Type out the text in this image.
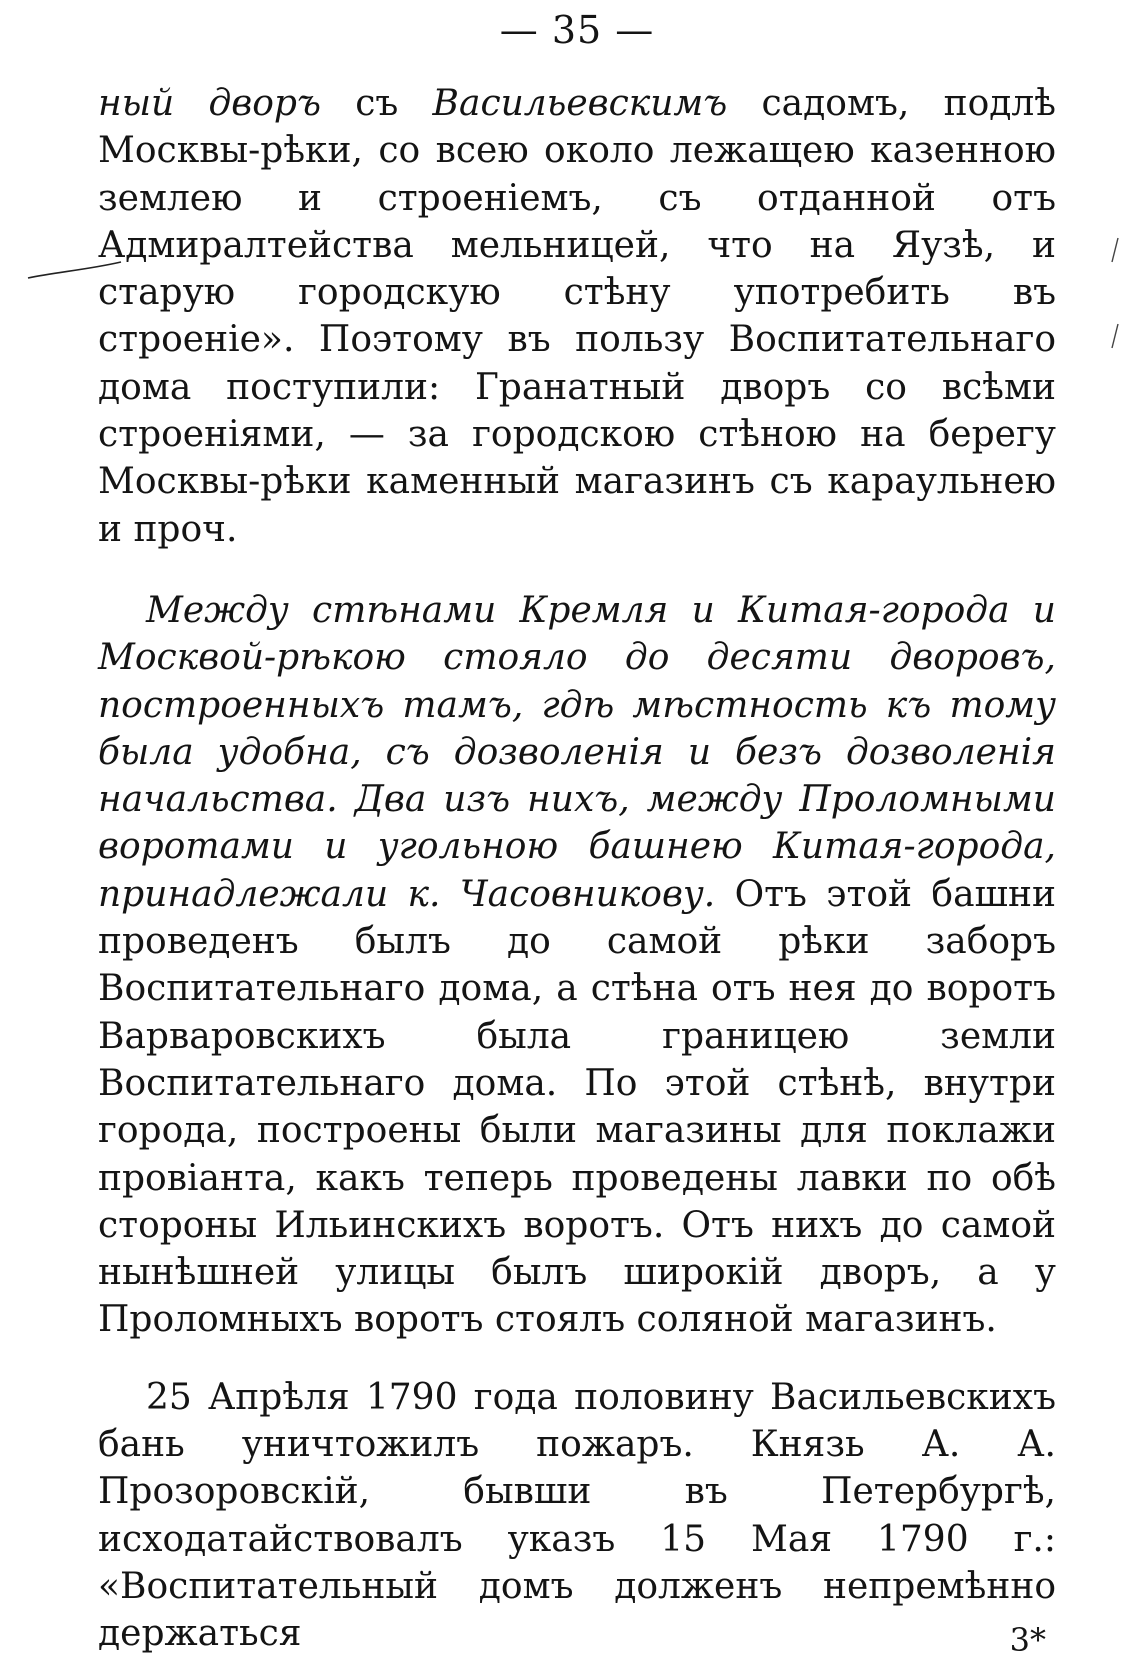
— 35 —

ный дворъ съ Васильевскимъ садомъ, подлѣ Москвы-рѣки, со всею около лежащею казенною землею и строеніемъ, съ отданной отъ Адмиралтейства мельницей, что на Яузѣ, и старую городскую стѣну употребить въ строеніе». Поэтому въ пользу Воспитательнаго дома поступили: Гранатный дворъ со всѣми строеніями, — за городскою стѣною на берегу Москвы-рѣки каменный магазинъ съ караульнею и проч.

Между стѣнами Кремля и Китая-города и Москвой-рѣкою стояло до десяти дворовъ, построенныхъ тамъ, гдѣ мѣстность къ тому была удобна, съ дозволенія и безъ дозволенія начальства. Два изъ нихъ, между Проломными воротами и угольною башнею Китая-города, принадлежали к. Часовникову. Отъ этой башни проведенъ былъ до самой рѣки заборъ Воспитательнаго дома, а стѣна отъ нея до воротъ Варваровскихъ была границею земли Воспитательнаго дома. По этой стѣнѣ, внутри города, построены были магазины для поклажи провіанта, какъ теперь проведены лавки по обѣ стороны Ильинскихъ воротъ. Отъ нихъ до самой нынѣшней улицы былъ широкій дворъ, а у Проломныхъ воротъ стоялъ соляной магазинъ.

25 Апрѣля 1790 года половину Васильевскихъ бань уничтожилъ пожаръ. Князь А. А. Прозоровскій, бывши въ Петербургѣ, исходатайствовалъ указъ 15 Мая 1790 г.: «Воспитательный домъ долженъ непремѣнно держаться	3*
